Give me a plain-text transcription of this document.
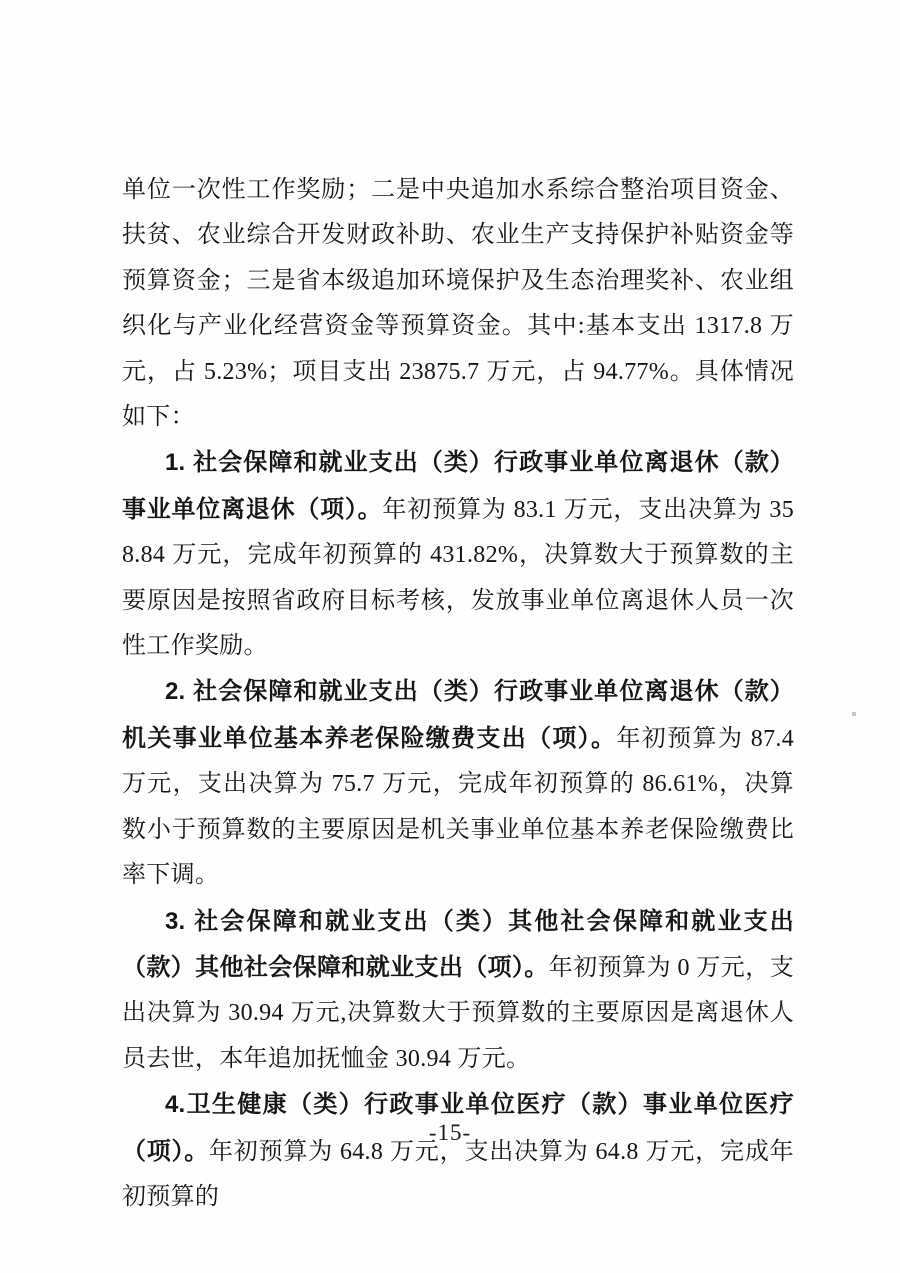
单位一次性工作奖励；二是中央追加水系综合整治项目资金、扶贫、农业综合开发财政补助、农业生产支持保护补贴资金等预算资金；三是省本级追加环境保护及生态治理奖补、农业组织化与产业化经营资金等预算资金。其中:基本支出 1317.8 万元，占 5.23%；项目支出 23875.7 万元，占 94.77%。具体情况如下：

1. 社会保障和就业支出（类）行政事业单位离退休（款）事业单位离退休（项）。年初预算为 83.1 万元，支出决算为 358.84 万元，完成年初预算的 431.82%，决算数大于预算数的主要原因是按照省政府目标考核，发放事业单位离退休人员一次性工作奖励。

2. 社会保障和就业支出（类）行政事业单位离退休（款）机关事业单位基本养老保险缴费支出（项）。年初预算为 87.4 万元，支出决算为 75.7 万元，完成年初预算的 86.61%，决算数小于预算数的主要原因是机关事业单位基本养老保险缴费比率下调。

3. 社会保障和就业支出（类）其他社会保障和就业支出（款）其他社会保障和就业支出（项）。年初预算为 0 万元，支出决算为 30.94 万元,决算数大于预算数的主要原因是离退休人员去世，本年追加抚恤金 30.94 万元。

4.卫生健康（类）行政事业单位医疗（款）事业单位医疗（项）。年初预算为 64.8 万元，支出决算为 64.8 万元，完成年初预算的

-15-
